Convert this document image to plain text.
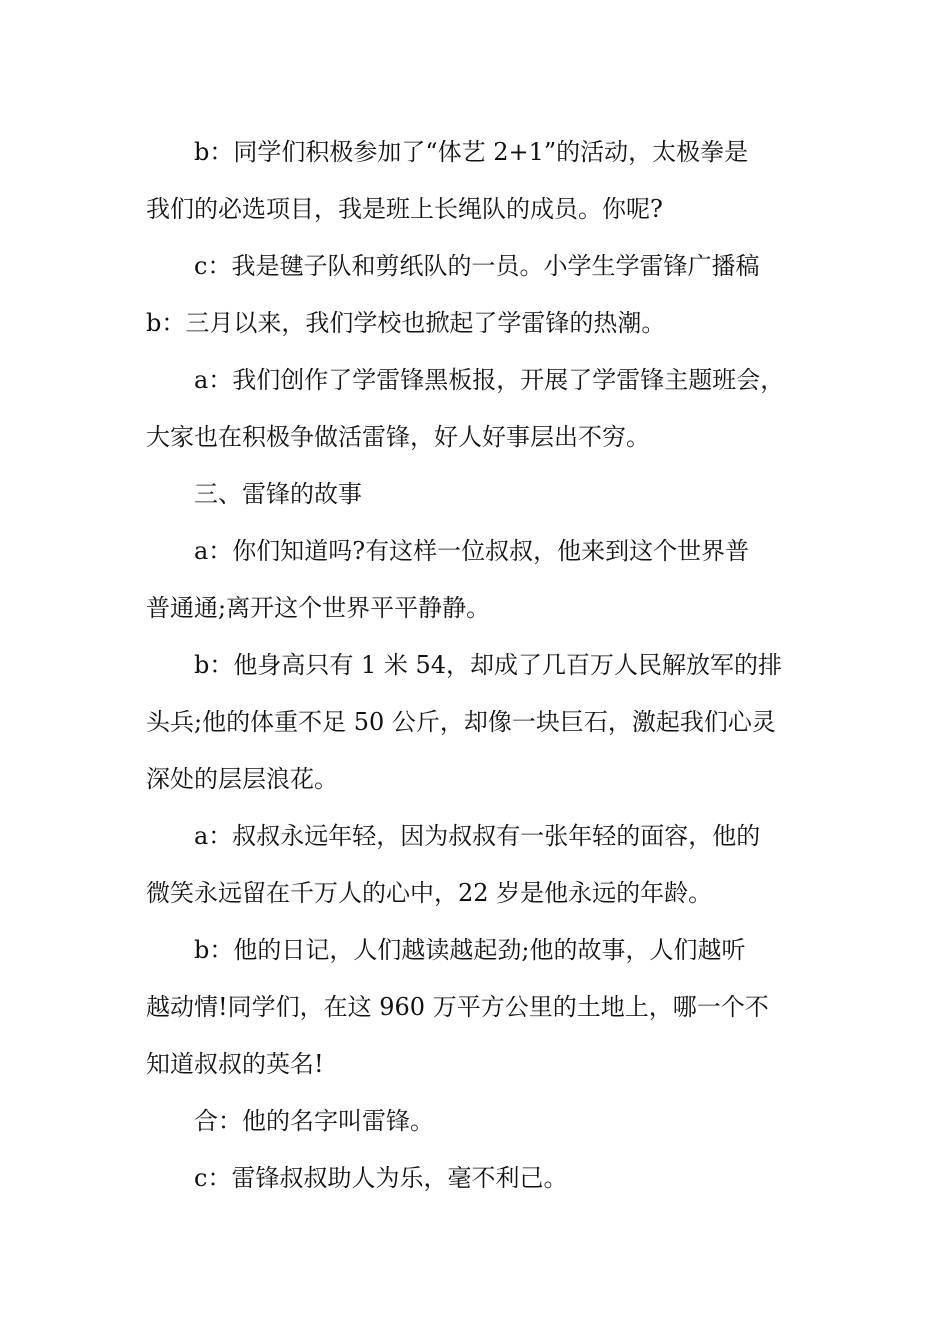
b：同学们积极参加了“体艺 2+1”的活动，太极拳是
我们的必选项目，我是班上长绳队的成员。你呢?

c：我是毽子队和剪纸队的一员。小学生学雷锋广播稿

b：三月以来，我们学校也掀起了学雷锋的热潮。

a：我们创作了学雷锋黑板报，开展了学雷锋主题班会，
大家也在积极争做活雷锋，好人好事层出不穷。

三、雷锋的故事

a：你们知道吗?有这样一位叔叔，他来到这个世界普
普通通;离开这个世界平平静静。

b：他身高只有 1 米 54，却成了几百万人民解放军的排
头兵;他的体重不足 50 公斤，却像一块巨石，激起我们心灵
深处的层层浪花。

a：叔叔永远年轻，因为叔叔有一张年轻的面容，他的
微笑永远留在千万人的心中，22 岁是他永远的年龄。

b：他的日记，人们越读越起劲;他的故事，人们越听
越动情!同学们，在这 960 万平方公里的土地上，哪一个不
知道叔叔的英名!

合：他的名字叫雷锋。

c：雷锋叔叔助人为乐，毫不利己。
